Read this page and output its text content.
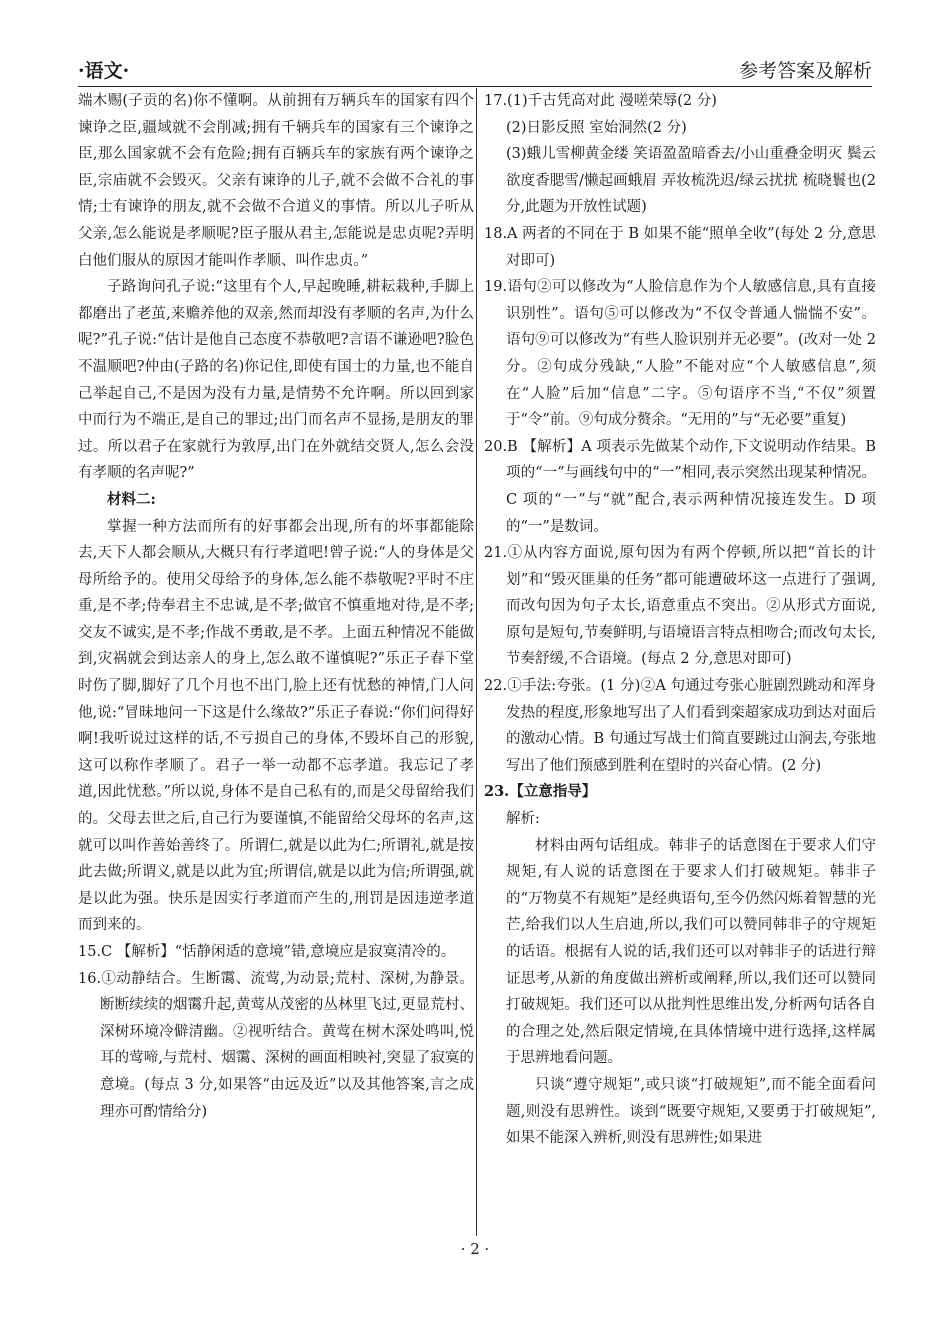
·语文·	参考答案及解析

端木赐(子贡的名)你不懂啊。从前拥有万辆兵车的国家有四个谏诤之臣,疆域就不会削减;拥有千辆兵车的国家有三个谏诤之臣,那么国家就不会有危险;拥有百辆兵车的家族有两个谏诤之臣,宗庙就不会毁灭。父亲有谏诤的儿子,就不会做不合礼的事情;士有谏诤的朋友,就不会做不合道义的事情。所以儿子听从父亲,怎么能说是孝顺呢?臣子服从君主,怎能说是忠贞呢?弄明白他们服从的原因才能叫作孝顺、叫作忠贞。”

子路询问孔子说:“这里有个人,早起晚睡,耕耘栽种,手脚上都磨出了老茧,来赡养他的双亲,然而却没有孝顺的名声,为什么呢?”孔子说:“估计是他自己态度不恭敬吧?言语不谦逊吧?脸色不温顺吧?仲由(子路的名)你记住,即使有国士的力量,也不能自己举起自己,不是因为没有力量,是情势不允许啊。所以回到家中而行为不端正,是自己的罪过;出门而名声不显扬,是朋友的罪过。所以君子在家就行为敦厚,出门在外就结交贤人,怎么会没有孝顺的名声呢?”

材料二:

掌握一种方法而所有的好事都会出现,所有的坏事都能除去,天下人都会顺从,大概只有行孝道吧!曾子说:“人的身体是父母所给予的。使用父母给予的身体,怎么能不恭敬呢?平时不庄重,是不孝;侍奉君主不忠诚,是不孝;做官不慎重地对待,是不孝;交友不诚实,是不孝;作战不勇敢,是不孝。上面五种情况不能做到,灾祸就会到达亲人的身上,怎么敢不谨慎呢?”乐正子春下堂时伤了脚,脚好了几个月也不出门,脸上还有忧愁的神情,门人问他,说:“冒昧地问一下这是什么缘故?”乐正子春说:“你们问得好啊!我听说过这样的话,不亏损自己的身体,不毁坏自己的形貌,这可以称作孝顺了。君子一举一动都不忘孝道。我忘记了孝道,因此忧愁。”所以说,身体不是自己私有的,而是父母留给我们的。父母去世之后,自己行为要谨慎,不能留给父母坏的名声,这就可以叫作善始善终了。所谓仁,就是以此为仁;所谓礼,就是按此去做;所谓义,就是以此为宜;所谓信,就是以此为信;所谓强,就是以此为强。快乐是因实行孝道而产生的,刑罚是因违逆孝道而到来的。

15.C 【解析】“恬静闲适的意境”错,意境应是寂寞清冷的。

16.①动静结合。生断霭、流莺,为动景;荒村、深树,为静景。断断续续的烟霭升起,黄莺从茂密的丛林里飞过,更显荒村、深树环境冷僻清幽。②视听结合。黄莺在树木深处鸣叫,悦耳的莺啼,与荒村、烟霭、深树的画面相映衬,突显了寂寞的意境。(每点 3 分,如果答“由远及近”以及其他答案,言之成理亦可酌情给分)

17.(1)千古凭高对此 漫嗟荣辱(2 分)

(2)日影反照 室始洞然(2 分)

(3)蛾儿雪柳黄金缕 笑语盈盈暗香去/小山重叠金明灭 鬓云欲度香腮雪/懒起画蛾眉 弄妆梳洗迟/绿云扰扰 梳晓鬟也(2 分,此题为开放性试题)

18.A 两者的不同在于 B 如果不能“照单全收”(每处 2 分,意思对即可)

19.语句②可以修改为“人脸信息作为个人敏感信息,具有直接识别性”。语句⑤可以修改为“不仅令普通人惴惴不安”。语句⑨可以修改为“有些人脸识别并无必要”。(改对一处 2 分。②句成分残缺,“人脸”不能对应“个人敏感信息”,须在“人脸”后加“信息”二字。⑤句语序不当,“不仅”须置于“令”前。⑨句成分赘余。“无用的”与“无必要”重复)

20.B 【解析】A 项表示先做某个动作,下文说明动作结果。B 项的“一”与画线句中的“一”相同,表示突然出现某种情况。C 项的“一”与“就”配合,表示两种情况接连发生。D 项的“一”是数词。

21.①从内容方面说,原句因为有两个停顿,所以把“首长的计划”和“毁灭匪巢的任务”都可能遭破坏这一点进行了强调,而改句因为句子太长,语意重点不突出。②从形式方面说,原句是短句,节奏鲜明,与语境语言特点相吻合;而改句太长,节奏舒缓,不合语境。(每点 2 分,意思对即可)

22.①手法:夸张。(1 分)②A 句通过夸张心脏剧烈跳动和浑身发热的程度,形象地写出了人们看到栾超家成功到达对面后的激动心情。B 句通过写战士们简直要跳过山涧去,夸张地写出了他们预感到胜利在望时的兴奋心情。(2 分)

23.【立意指导】

解析:

材料由两句话组成。韩非子的话意图在于要求人们守规矩,有人说的话意图在于要求人们打破规矩。韩非子的“万物莫不有规矩”是经典语句,至今仍然闪烁着智慧的光芒,给我们以人生启迪,所以,我们可以赞同韩非子的守规矩的话语。根据有人说的话,我们还可以对韩非子的话进行辩证思考,从新的角度做出辨析或阐释,所以,我们还可以赞同打破规矩。我们还可以从批判性思维出发,分析两句话各自的合理之处,然后限定情境,在具体情境中进行选择,这样属于思辨地看问题。

只谈“遵守规矩”,或只谈“打破规矩”,而不能全面看问题,则没有思辨性。谈到“既要守规矩,又要勇于打破规矩”,如果不能深入辨析,则没有思辨性;如果进

· 2 ·
